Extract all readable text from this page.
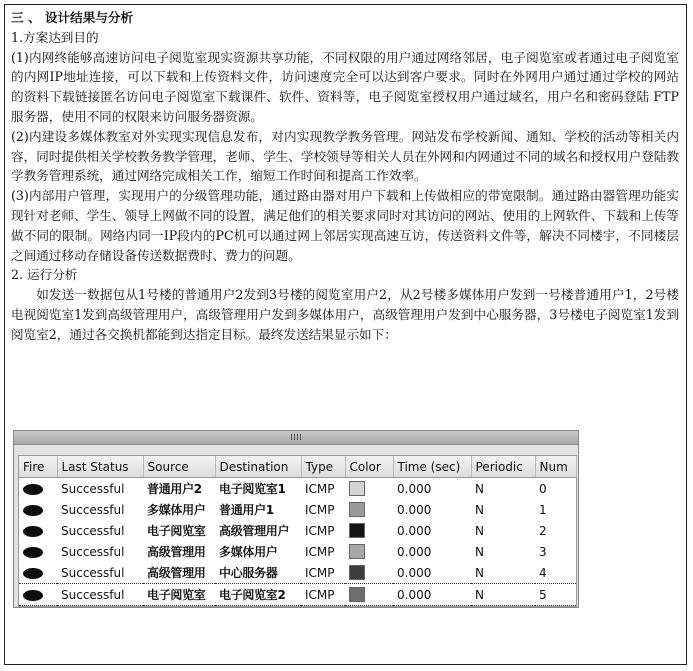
三 、 设计结果与分析

1.方案达到目的

(1)内网终能够高速访问电子阅览室现实资源共享功能，不同权限的用户通过网络邻居，电子阅览室或者通过电子阅览室的内网IP地址连接，可以下载和上传资料文件，访问速度完全可以达到客户要求。同时在外网用户通过通过学校的网站的资料下载链接匿名访问电子阅览室下载课件、软件、资料等，电子阅览室授权用户通过域名，用户名和密码登陆 FTP服务器，使用不同的权限来访问服务器资源。

(2)内建设多媒体教室对外实现实现信息发布，对内实现教学教务管理。网站发布学校新闻、通知、学校的活动等相关内容，同时提供相关学校教务教学管理，老师、学生、学校领导等相关人员在外网和内网通过不同的域名和授权用户登陆教学教务管理系统，通过网络完成相关工作，缩短工作时间和提高工作效率。

(3)内部用户管理，实现用户的分级管理功能，通过路由器对用户下载和上传做相应的带宽限制。通过路由器管理功能实现针对老师、学生、领导上网做不同的设置，满足他们的相关要求同时对其访问的网站、使用的上网软件、下载和上传等做不同的限制。网络内同一IP段内的PC机可以通过网上邻居实现高速互访，传送资料文件等，解决不同楼宇，不同楼层之间通过移动存储设备传送数据费时、费力的问题。

2. 运行分析

如发送一数据包从1号楼的普通用户2发到3号楼的阅览室用户2，从2号楼多媒体用户发到一号楼普通用户1，2号楼电视阅览室1发到高级管理用户，高级管理用户发到多媒体用户，高级管理用户发到中心服务器，3号楼电子阅览室1发到阅览室2，通过各交换机都能到达指定目标。最终发送结果显示如下：

Fire	Last Status	Source	Destination	Type	Color	Time (sec)	Periodic	Num
	Successful	普通用户2	电子阅览室1	ICMP		0.000	N	0
	Successful	多媒体用户	普通用户1	ICMP		0.000	N	1
	Successful	电子阅览室	高级管理用户	ICMP		0.000	N	2
	Successful	高级管理用	多媒体用户	ICMP		0.000	N	3
	Successful	高级管理用	中心服务器	ICMP		0.000	N	4
	Successful	电子阅览室	电子阅览室2	ICMP		0.000	N	5
